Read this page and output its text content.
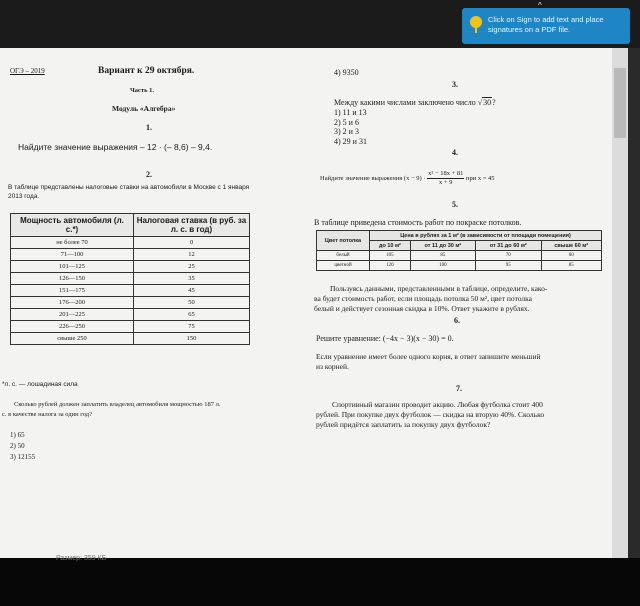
^
Click on Sign to add text and place signatures on a PDF file.
ОГЭ – 2019	Вариант к 29 октября.
Часть 1.
Модуль «Алгебра»
1.
Найдите значение выражения – 12 · (– 8,6) – 9,4.
2.
В таблице представлены налоговые ставки на автомобили в Москве с 1 января
2013 года.
Мощность автомобиля (л. с.*)	Налоговая ставка (в руб. за л. с. в год)
не более 70	0
71—100	12
101—125	25
126—150	35
151—175	45
176—200	50
201—225	65
226—250	75
свыше 250	150
*л. с. — лошадиная сила
Сколько рублей должен заплатить владелец автомобиля мощностью 187 л.
с. в качестве налога за один год?
1) 65
2) 50
3) 12155
4) 9350
3.
Между какими числами заключено число √30?
1) 11 и 13
2) 5 и 6
3) 2 и 3
4) 29 и 31
4.
Найдите значение выражения $(x - 9) \cdot \frac{\text{x² − 18x + 81}}{x + 9}$ при x = 45
5.
В таблице приведена стоимость работ по покраске потолков.
Цвет потолка	Цена в рублях за 1 м² (в зависимости от площади помещения)			
	до 10 м²	от 11 до 30 м²	от 31 до 60 м²	свыше 60 м²
белый	105	85	70	60
цветной	120	100	95	85
Пользуясь данными, представленными в таблице, определите, како-
ва будет стоимость работ, если площадь потолка 50 м², цвет потолка
белый и действует сезонная скидка в 10%. Ответ укажите в рублях.
6.
Решите уравнение: (−4x − 3)(x − 30) = 0.
Если уравнение имеет более одного корня, в ответ запишите меньший
из корней.
7.
Спортивный магазин проводит акцию. Любая футболка стоит 400
рублей. При покупке двух футболок — скидка на вторую 40%. Сколько
рублей придётся заплатить за покупку двух футболок?
Размер: 359 КБ
